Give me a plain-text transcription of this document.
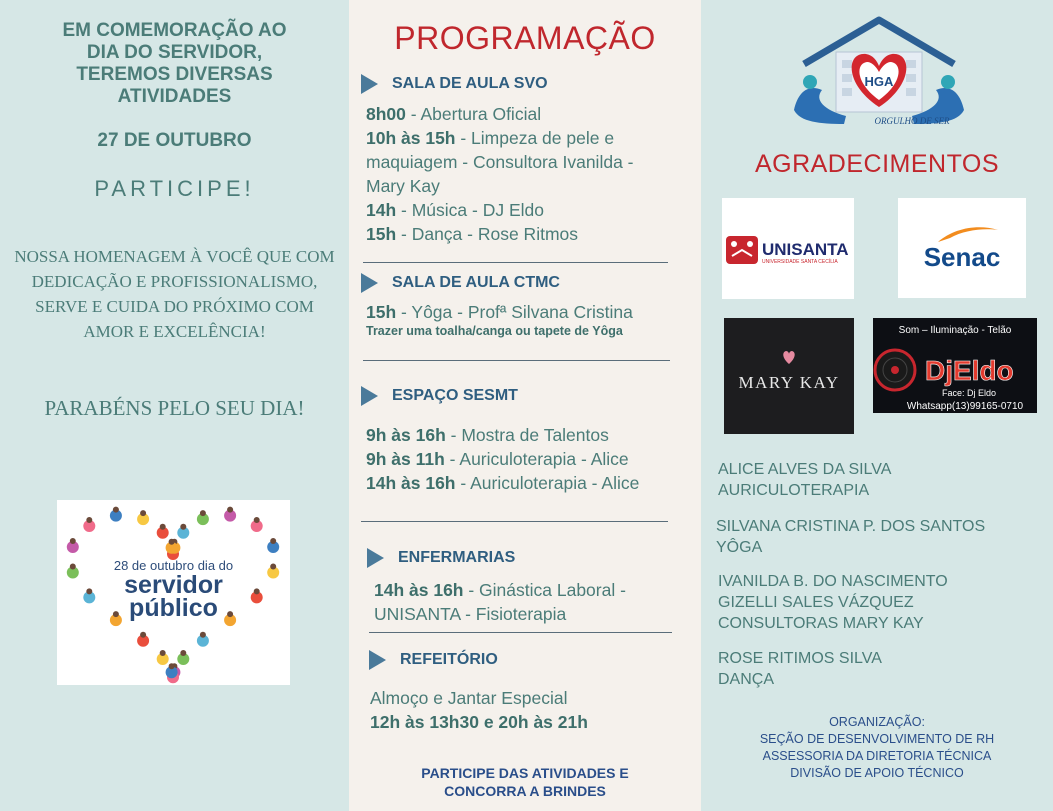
EM COMEMORAÇÃO AO
DIA DO SERVIDOR,
TEREMOS DIVERSAS
ATIVIDADES
27 DE OUTUBRO
PARTICIPE!
NOSSA HOMENAGEM À VOCÊ QUE COM
DEDICAÇÃO E PROFISSIONALISMO,
SERVE E CUIDA DO PRÓXIMO COM
AMOR E EXCELÊNCIA!
PARABÉNS PELO SEU DIA!
28 de outubro dia do
servidor
público
PROGRAMAÇÃO
SALA DE AULA SVO
8h00 - Abertura Oficial
10h às 15h - Limpeza de pele e
maquiagem - Consultora Ivanilda -
Mary Kay
14h - Música - DJ Eldo
15h - Dança - Rose Ritmos
SALA DE AULA CTMC
15h - Yôga - Profª Silvana Cristina
Trazer uma toalha/canga ou tapete de Yôga
ESPAÇO SESMT
9h às 16h - Mostra de Talentos
9h às 11h - Auriculoterapia - Alice
14h às 16h - Auriculoterapia - Alice
ENFERMARIAS
14h às 16h - Ginástica Laboral -
UNISANTA - Fisioterapia
REFEITÓRIO
Almoço e Jantar Especial
12h às 13h30 e 20h às 21h
PARTICIPE DAS ATIVIDADES E
CONCORRA A BRINDES
HGA
ORGULHO DE SER
AGRADECIMENTOS
UNISANTA
UNIVERSIDADE SANTA CECÍLIA	Senac
MARY KAY
Som – Iluminação - Telão
DjEldo
Face: Dj Eldo
Whatsapp(13)99165-0710
ALICE ALVES DA SILVA
AURICULOTERAPIA
SILVANA CRISTINA P. DOS SANTOS
YÔGA
IVANILDA B. DO NASCIMENTO
GIZELLI SALES VÁZQUEZ
CONSULTORAS MARY KAY
ROSE RITIMOS SILVA
DANÇA
ORGANIZAÇÃO:
SEÇÃO DE DESENVOLVIMENTO DE RH
ASSESSORIA DA DIRETORIA TÉCNICA
DIVISÃO DE APOIO TÉCNICO
